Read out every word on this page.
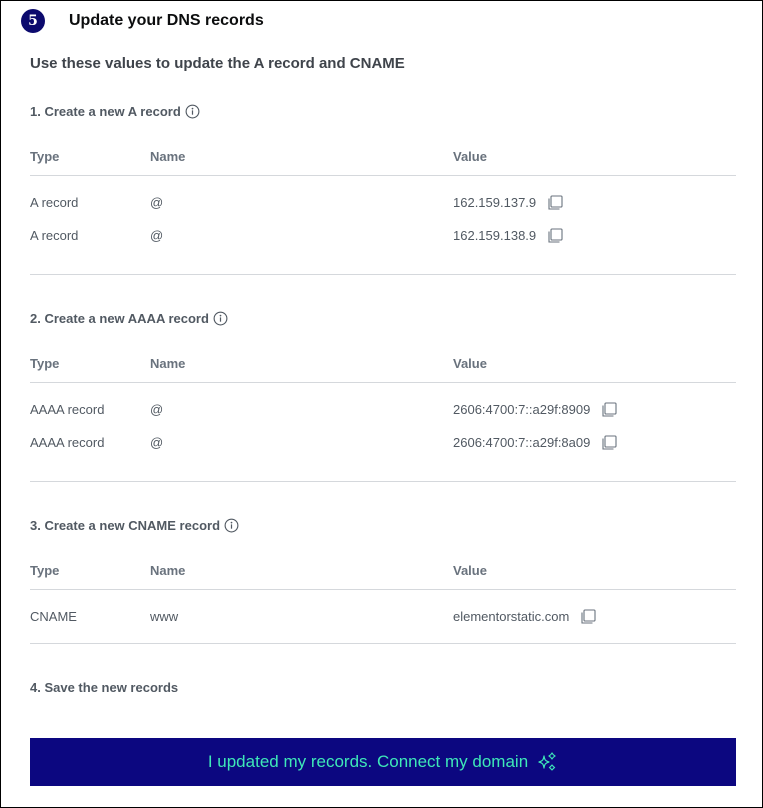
5	Update your DNS records
Use these values to update the A record and CNAME
1. Create a new A record
Type	Name	Value
A record	@	162.159.137.9
A record	@	162.159.138.9
2. Create a new AAAA record
Type	Name	Value
AAAA record	@	2606:4700:7::a29f:8909
AAAA record	@	2606:4700:7::a29f:8a09
3. Create a new CNAME record
Type	Name	Value
CNAME	www	elementorstatic.com
4. Save the new records
I updated my records. Connect my domain
